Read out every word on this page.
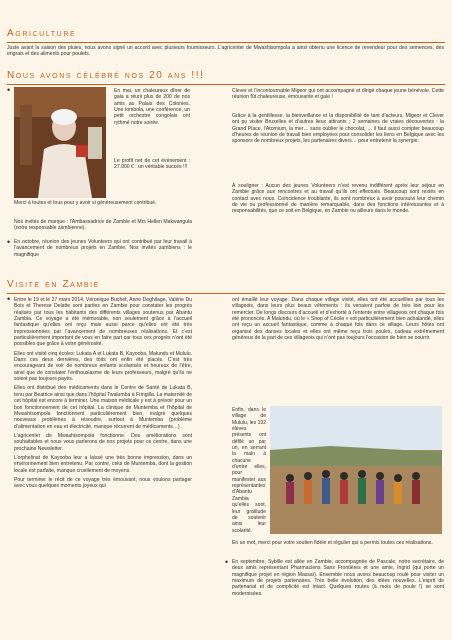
Agriculture
Juste avant la saison des pluies, nous avons signé un accord avec plusieurs fournisseurs. L’agricenter de Mwashisompola a ainsi obtenu une licence de revendeur pour des semences, des engrais et des aliments pour poulets.
Nous avons célébré nos 20 ans !!!
•	En mai, un chaleureux dîner de gala a réuni plus de 200 de nos amis au Palais des Colonies. Une tombola, une conférence, un petit orchestre congolais ont rythmé notre soirée.
Le profit net de cet événement : 27.000 € : un véritable succès !!!
Merci à toutes et tous pour y avoir si généreusement contribué.
Nos invités de marque : l’Ambassadrice de Zambie et Mrs Hellen Makwangula (notre responsable zambienne).
• En octobre, réunion des jeunes Volunteers qui ont contribué par leur travail à l’avancement de nombreux projets en Zambie. Nos invités zambiens : le magnifique
Clever et l’incontournable Migeor qui ont accompagné et dirigé chaque jeune bénévole. Cette réunion fût chaleureuse, émouvante et gaie !
Grâce à la gentillesse, la bienveillance et la disponibilité de tant d’acteurs, Migeor et Clever ont pu visiter Bruxelles et d’autres lieux attirants ; 2 semaines de vraies découvertes : la Grand Place, l’Atomium, la mer… sans oublier le chocolat, … il faut aussi compter beaucoup d’heures de réunion de travail bien employées pour consolider les liens en Belgique avec les sponsors de nombreux projets, les partenaires divers… pour entretenir la synergie.
À souligner : Aucun des jeunes Volunteers n’est revenu indifférent après leur séjour en Zambie grâce aux rencontres et au travail qu’ils ont effectués. Beaucoup sont restés en contact avec nous. Coïncidence troublante, ils sont nombreux à avoir poursuivi leur chemin de vie ou professionnel de manière remarquable, dans des fonctions intéressantes et à responsabilités, que ce soit en Belgique, en Zambie ou ailleurs dans le monde.
Visite en Zambie
• Entre le 19 et le 27 mars 2014, Véronique Buchet, Anne Deghilage, Valérie Du Bois et Therese Delatte sont parties en Zambie pour constater les progrès réalisés par tous les habitants des différents villages soutenus par Abantu Zambia. Ce voyage a été mémorable, non seulement grâce à l’accueil fantastique qu’elles ont reçu mais aussi parce qu’elles ont été très impressionnées par l’avancement de nombreuses réalisations. Et c’est particulièrement important de vous en faire part car tous ces progrès n’ont été possibles que grâce à votre générosité.

Elles ont visité cinq écoles: Lukata A et Lukata B, Kayooba, Malundu et Mululu. Dans ces deux dernières, des toits ont enfin été placés. C’est très encourageant de voir de nombreux enfants scolarisés et heureux de l’être, ainsi que de constater l’enthousiasme de leurs professeurs, malgré qu’ils ne soient pas toujours payés.

Elles ont distribué des médicaments dans le Centre de Santé de Lukata B, tenu par Beatrice ainsi que dans l’hôpital Twalumba à Fringilla. La maternité de cet hôpital est encore à terminer. Une maison médicale y est à prévoir pour un bon fonctionnement de cet hôpital. La clinique de Muntemba et l’hôpital de Mwashisompola fonctionnent particulièrement bien, malgré quelques nouveaux problèmes à résoudre, surtout à Muntemba (problème d’alimentation en eau et électricité, manque récurrent de médicaments…).

L’agricenter de Mwashisompola fonctionne. Des améliorations sont souhaitables et nous vous parlerons de nos projets pour ce centre, dans une prochaine Newsletter.

L’orphelinat de Kayooba leur a laissé une très bonne impression, dans un environnement bien entretenu. Par contre, celui de Muntemba, dont la gestion locale est parfaite, manque cruellement de moyens.

Pour terminer le récit de ce voyage très émouvant, nous voulons partager avec vous quelques moments joyeux qui

ont émaillé leur voyage. Dans chaque village visité, elles ont été accueillies par tous les villageois, dans leurs plus beaux vêtements : ils venaient parfois de très loin pour les remercier. De longs discours d’accueil et d’exhorté à l’entente entre villageois ont chaque fois été prononcés. A Malundu, où le « Shop of Cécile » est particulièrement bien achalandé, elles ont reçu un accueil fantastique, comme à chaque fois dans ce village. Leurs hôtes ont organisé des danses locales et elles ont même reçu trois poules, cadeau extrêmement généreux de la part de ces villageois qui n’ont pas toujours l’occasion de bien se nourrir.
Enfin, dans le village de Mululu, les 192 élèves présents ont défilé un par un, en serrant la main à chacune d’entre elles, pour manifester aux représentantes d’Abantu Zambia qu’elles sont, leur gratitude de soutenir ainsi leur scolarité.
En un mot, merci pour votre soutien fidèle et régulier qui a permis toutes ces réalisations.
• En septembre, Sybille est allée en Zambie, accompagnée de Pascale, notre secrétaire, de deux amis représentant Pharmaciens Sans Frontières et une amie, Ingrid (qui porte un magnifique projet en région Massaï). Ensemble nous avons beaucoup roulé pour visiter un maximum de projets partenaires. Très belle évolution, des idées nouvelles. L’esprit de partenariat et de complicité est intact. Quelques routes (à mois de poule !) se sont modernisées.
